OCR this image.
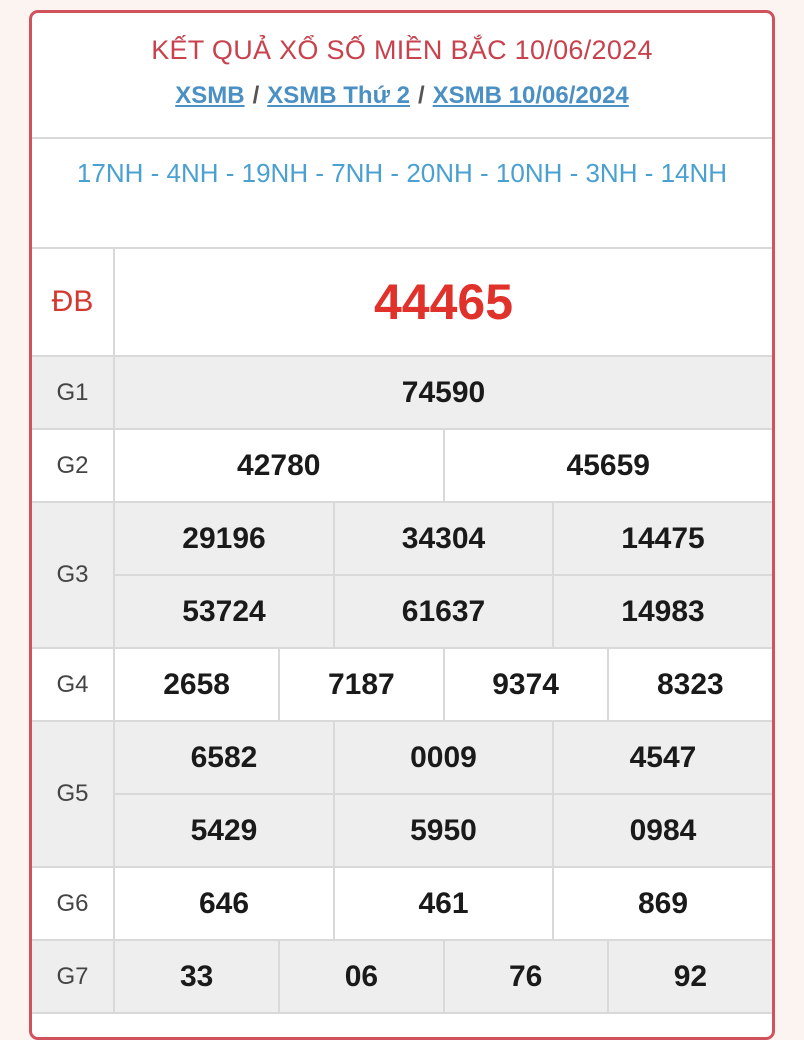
KẾT QUẢ XỔ SỐ MIỀN BẮC 10/06/2024
XSMB / XSMB Thứ 2 / XSMB 10/06/2024
17NH - 4NH - 19NH - 7NH - 20NH - 10NH - 3NH - 14NH
ĐB	44465
G1	74590
G2		42780	45659

G3	
29196	34304	14475
53724	61637	14983

G4	2658	7187	9374	8323

G5	
6582	0009	4547
5429	5950	0984

G6		646	461	869

G7		33	06	76	92
